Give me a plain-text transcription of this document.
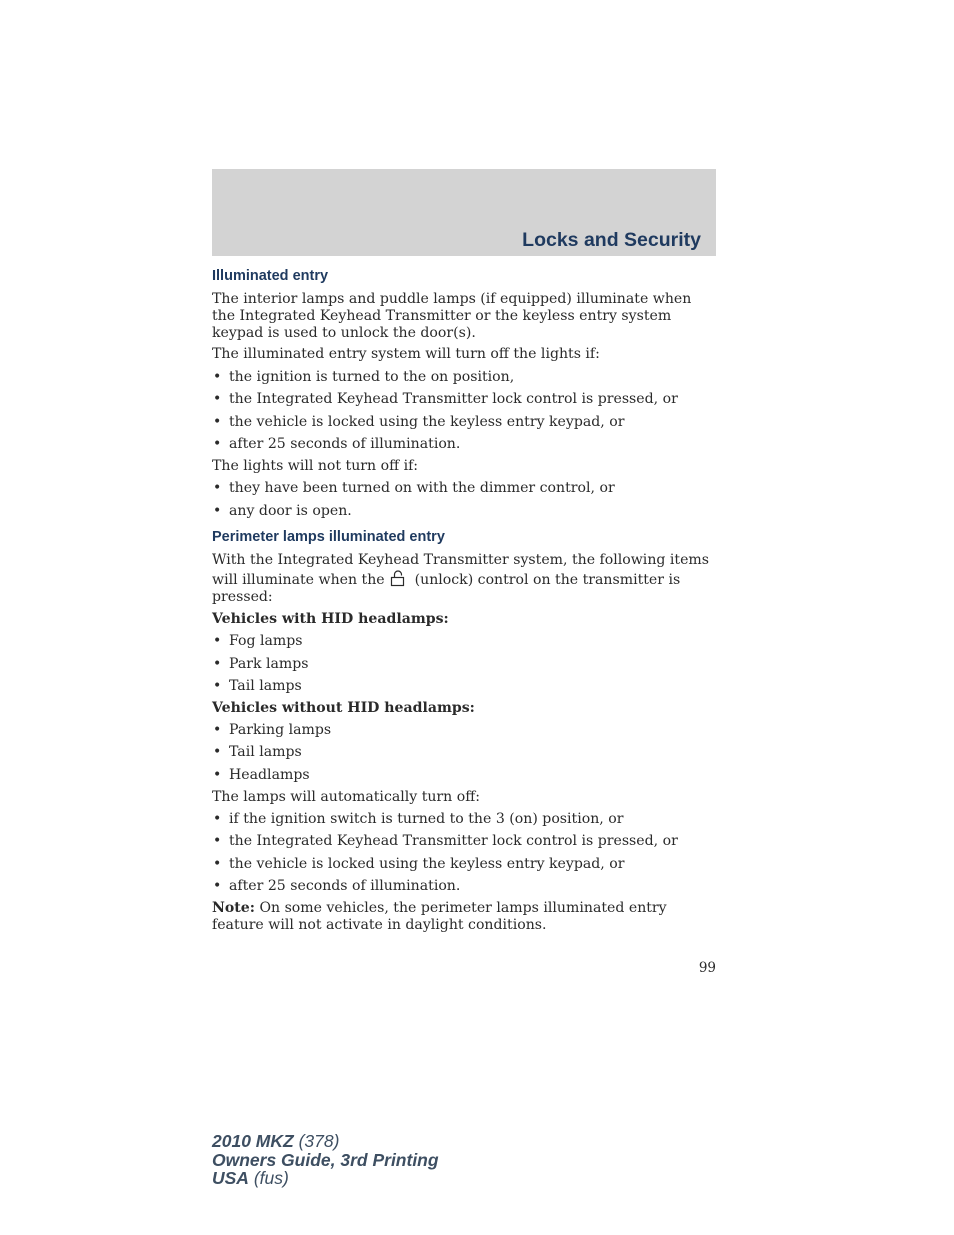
Locks and Security
Illuminated entry

The interior lamps and puddle lamps (if equipped) illuminate when the Integrated Keyhead Transmitter or the keyless entry system keypad is used to unlock the door(s).

The illuminated entry system will turn off the lights if:

• the ignition is turned to the on position,
• the Integrated Keyhead Transmitter lock control is pressed, or
• the vehicle is locked using the keyless entry keypad, or
• after 25 seconds of illumination.

The lights will not turn off if:

• they have been turned on with the dimmer control, or
• any door is open.
Perimeter lamps illuminated entry

With the Integrated Keyhead Transmitter system, the following items will illuminate when the (unlock) control on the transmitter is pressed:

Vehicles with HID headlamps:

• Fog lamps
• Park lamps
• Tail lamps

Vehicles without HID headlamps:

• Parking lamps
• Tail lamps
• Headlamps

The lamps will automatically turn off:

• if the ignition switch is turned to the 3 (on) position, or
• the Integrated Keyhead Transmitter lock control is pressed, or
• the vehicle is locked using the keyless entry keypad, or
• after 25 seconds of illumination.

Note: On some vehicles, the perimeter lamps illuminated entry feature will not activate in daylight conditions.

99
2010 MKZ (378)
Owners Guide, 3rd Printing
USA (fus)
